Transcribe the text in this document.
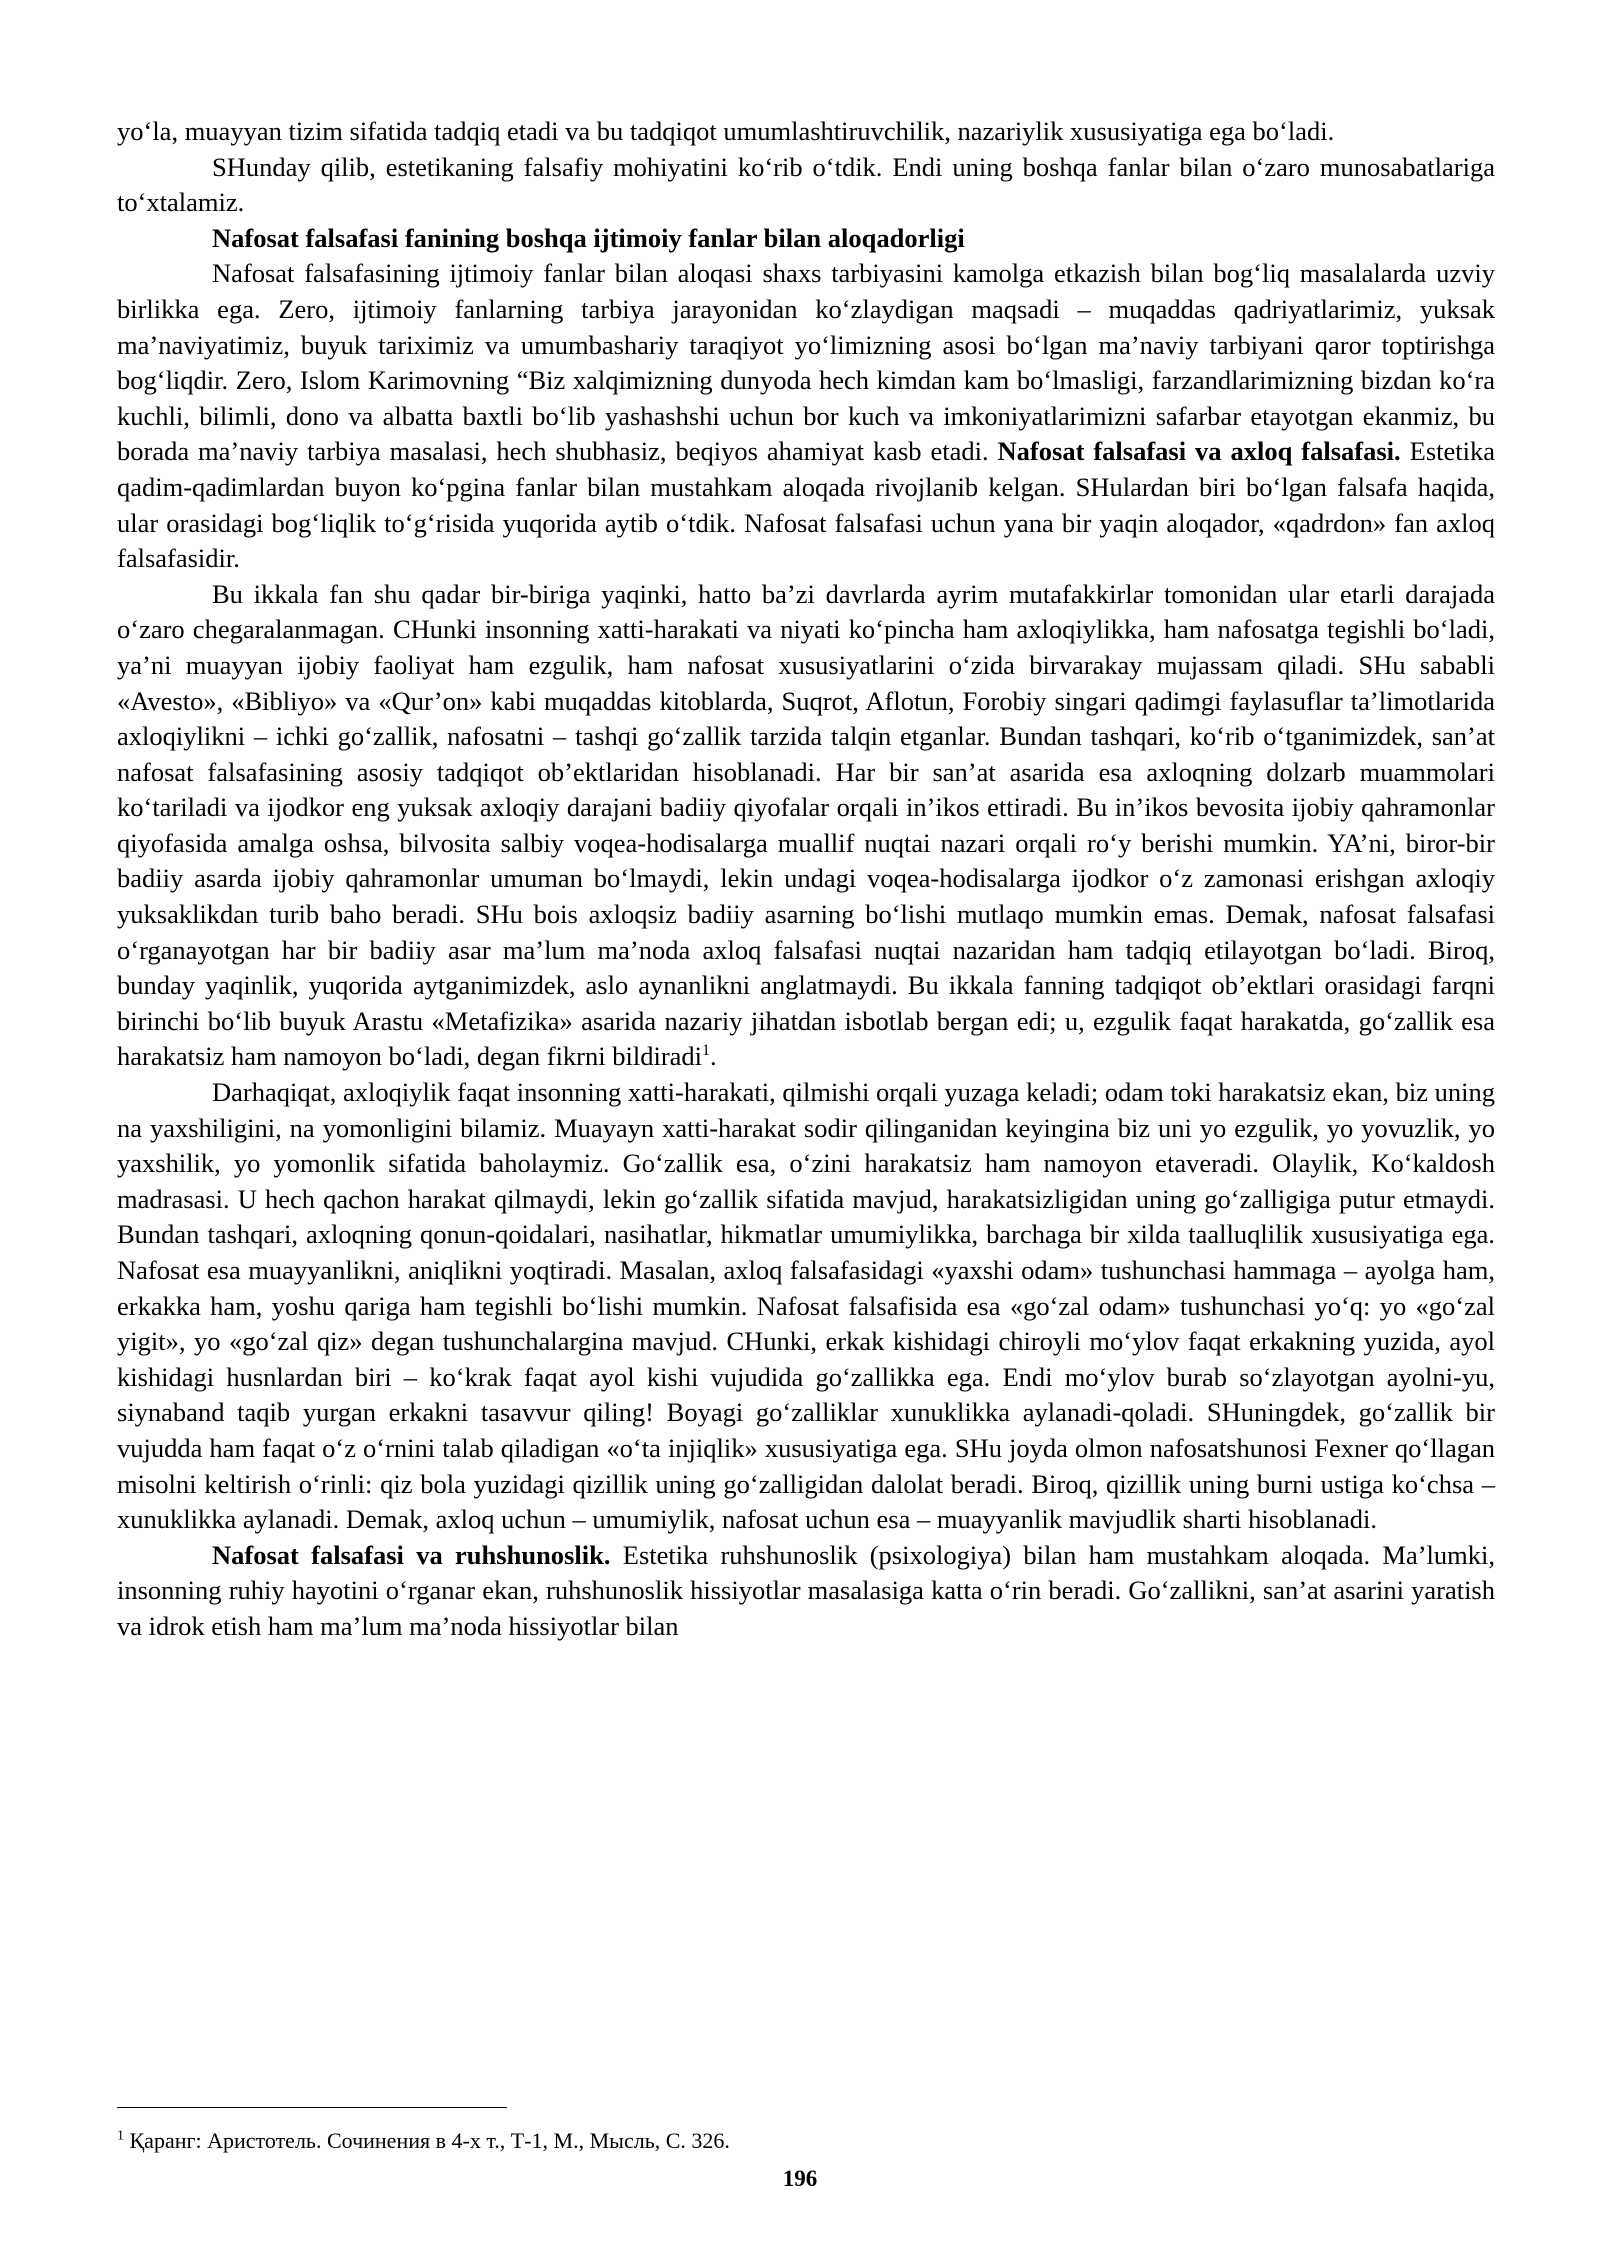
yo‘la, muayyan tizim sifatida tadqiq etadi va bu tadqiqot umumlashtiruvchilik, nazariylik xususiyatiga ega bo‘ladi.

SHunday qilib, estetikaning falsafiy mohiyatini ko‘rib o‘tdik. Endi uning boshqa fanlar bilan o‘zaro munosabatlariga to‘xtalamiz.

Nafosat falsafasi fanining boshqa ijtimoiy fanlar bilan aloqadorligi

Nafosat falsafasining ijtimoiy fanlar bilan aloqasi shaxs tarbiyasini kamolga etkazish bilan bog‘liq masalalarda uzviy birlikka ega. Zero, ijtimoiy fanlarning tarbiya jarayonidan ko‘zlaydigan maqsadi – muqaddas qadriyatlarimiz, yuksak ma’naviyatimiz, buyuk tariximiz va umumbashariy taraqiyot yo‘limizning asosi bo‘lgan ma’naviy tarbiyani qaror toptirishga bog‘liqdir. Zero, Islom Karimovning “Biz xalqimizning dunyoda hech kimdan kam bo‘lmasligi, farzandlarimizning bizdan ko‘ra kuchli, bilimli, dono va albatta baxtli bo‘lib yashashshi uchun bor kuch va imkoniyatlarimizni safarbar etayotgan ekanmiz, bu borada ma’naviy tarbiya masalasi, hech shubhasiz, beqiyos ahamiyat kasb etadi. Nafosat falsafasi va axloq falsafasi. Estetika qadim-qadimlardan buyon ko‘pgina fanlar bilan mustahkam aloqada rivojlanib kelgan. SHulardan biri bo‘lgan falsafa haqida, ular orasidagi bog‘liqlik to‘g‘risida yuqorida aytib o‘tdik. Nafosat falsafasi uchun yana bir yaqin aloqador, «qadrdon» fan axloq falsafasidir.

Bu ikkala fan shu qadar bir-biriga yaqinki, hatto ba’zi davrlarda ayrim mutafakkirlar tomonidan ular etarli darajada o‘zaro chegaralanmagan. CHunki insonning xatti-harakati va niyati ko‘pincha ham axloqiylikka, ham nafosatga tegishli bo‘ladi, ya’ni muayyan ijobiy faoliyat ham ezgulik, ham nafosat xususiyatlarini o‘zida birvarakay mujassam qiladi. SHu sababli «Avesto», «Bibliyo» va «Qur’on» kabi muqaddas kitoblarda, Suqrot, Aflotun, Forobiy singari qadimgi faylasuflar ta’limotlarida axloqiylikni – ichki go‘zallik, nafosatni – tashqi go‘zallik tarzida talqin etganlar. Bundan tashqari, ko‘rib o‘tganimizdek, san’at nafosat falsafasining asosiy tadqiqot ob’ektlaridan hisoblanadi. Har bir san’at asarida esa axloqning dolzarb muammolari ko‘tariladi va ijodkor eng yuksak axloqiy darajani badiiy qiyofalar orqali in’ikos ettiradi. Bu in’ikos bevosita ijobiy qahramonlar qiyofasida amalga oshsa, bilvosita salbiy voqea-hodisalarga muallif nuqtai nazari orqali ro‘y berishi mumkin. YA’ni, biror-bir badiiy asarda ijobiy qahramonlar umuman bo‘lmaydi, lekin undagi voqea-hodisalarga ijodkor o‘z zamonasi erishgan axloqiy yuksaklikdan turib baho beradi. SHu bois axloqsiz badiiy asarning bo‘lishi mutlaqo mumkin emas. Demak, nafosat falsafasi o‘rganayotgan har bir badiiy asar ma’lum ma’noda axloq falsafasi nuqtai nazaridan ham tadqiq etilayotgan bo‘ladi. Biroq, bunday yaqinlik, yuqorida aytganimizdek, aslo aynanlikni anglatmaydi. Bu ikkala fanning tadqiqot ob’ektlari orasidagi farqni birinchi bo‘lib buyuk Arastu «Metafizika» asarida nazariy jihatdan isbotlab bergan edi; u, ezgulik faqat harakatda, go‘zallik esa harakatsiz ham namoyon bo‘ladi, degan fikrni bildiradi$^1$.

Darhaqiqat, axloqiylik faqat insonning xatti-harakati, qilmishi orqali yuzaga keladi; odam toki harakatsiz ekan, biz uning na yaxshiligini, na yomonligini bilamiz. Muayayn xatti-harakat sodir qilinganidan keyingina biz uni yo ezgulik, yo yovuzlik, yo yaxshilik, yo yomonlik sifatida baholaymiz. Go‘zallik esa, o‘zini harakatsiz ham namoyon etaveradi. Olaylik, Ko‘kaldosh madrasasi. U hech qachon harakat qilmaydi, lekin go‘zallik sifatida mavjud, harakatsizligidan uning go‘zalligiga putur etmaydi. Bundan tashqari, axloqning qonun-qoidalari, nasihatlar, hikmatlar umumiylikka, barchaga bir xilda taalluqlilik xususiyatiga ega. Nafosat esa muayyanlikni, aniqlikni yoqtiradi. Masalan, axloq falsafasidagi «yaxshi odam» tushunchasi hammaga – ayolga ham, erkakka ham, yoshu qariga ham tegishli bo‘lishi mumkin. Nafosat falsafisida esa «go‘zal odam» tushunchasi yo‘q: yo «go‘zal yigit», yo «go‘zal qiz» degan tushunchalargina mavjud. CHunki, erkak kishidagi chiroyli mo‘ylov faqat erkakning yuzida, ayol kishidagi husnlardan biri – ko‘krak faqat ayol kishi vujudida go‘zallikka ega. Endi mo‘ylov burab so‘zlayotgan ayolni-yu, siynaband taqib yurgan erkakni tasavvur qiling! Boyagi go‘zalliklar xunuklikka aylanadi-qoladi. SHuningdek, go‘zallik bir vujudda ham faqat o‘z o‘rnini talab qiladigan «o‘ta injiqlik» xususiyatiga ega. SHu joyda olmon nafosatshunosi Fexner qo‘llagan misolni keltirish o‘rinli: qiz bola yuzidagi qizillik uning go‘zalligidan dalolat beradi. Biroq, qizillik uning burni ustiga ko‘chsa – xunuklikka aylanadi. Demak, axloq uchun – umumiylik, nafosat uchun esa – muayyanlik mavjudlik sharti hisoblanadi.

Nafosat falsafasi va ruhshunoslik. Estetika ruhshunoslik (psixologiya) bilan ham mustahkam aloqada. Ma’lumki, insonning ruhiy hayotini o‘rganar ekan, ruhshunoslik hissiyotlar masalasiga katta o‘rin beradi. Go‘zallikni, san’at asarini yaratish va idrok etish ham ma’lum ma’noda hissiyotlar bilan

$^1$ Қаранг: Аристотель. Сочинения в 4-х т., Т-1, М., Мысль, С. 326.
196
